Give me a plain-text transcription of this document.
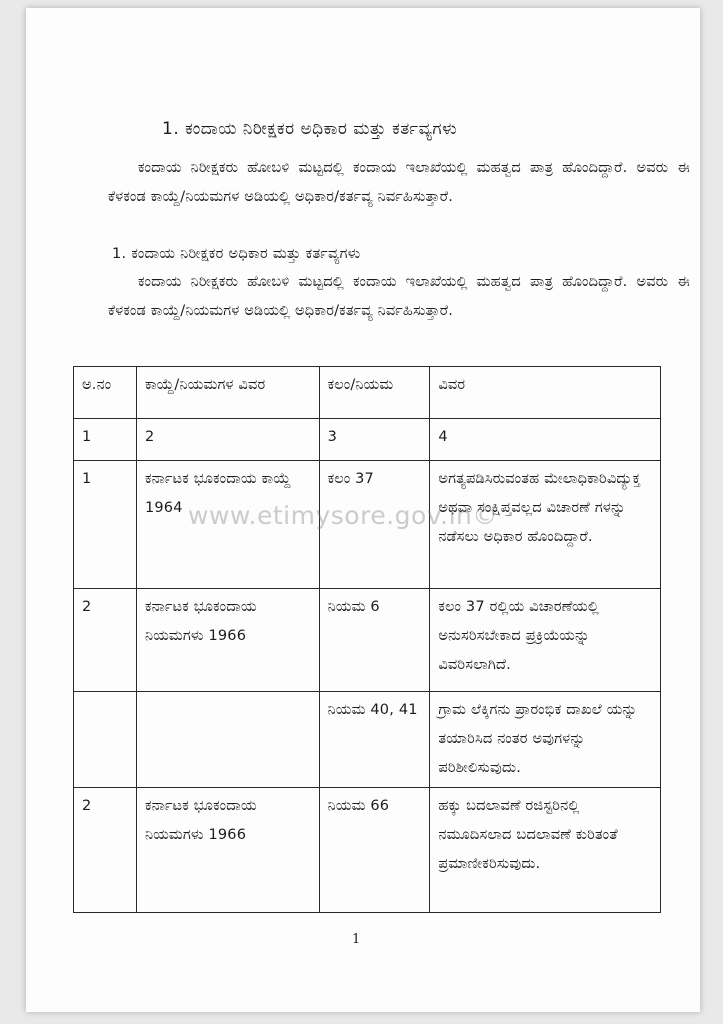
1. ಕಂದಾಯ ನಿರೀಕ್ಷಕರ ಅಧಿಕಾರ ಮತ್ತು ಕರ್ತವ್ಯಗಳು
ಕಂದಾಯ ನಿರೀಕ್ಷಕರು ಹೋಬಳಿ ಮಟ್ಟದಲ್ಲಿ ಕಂದಾಯ ಇಲಾಖೆಯಲ್ಲಿ ಮಹತ್ವದ ಪಾತ್ರ ಹೊಂದಿದ್ದಾರೆ. ಅವರು ಈ ಕೆಳಕಂಡ ಕಾಯ್ದೆ/ನಿಯಮಗಳ ಅಡಿಯಲ್ಲಿ ಅಧಿಕಾರ/ಕರ್ತವ್ಯ ನಿರ್ವಹಿಸುತ್ತಾರೆ.
1. ಕಂದಾಯ ನಿರೀಕ್ಷಕರ ಅಧಿಕಾರ ಮತ್ತು ಕರ್ತವ್ಯಗಳು
ಕಂದಾಯ ನಿರೀಕ್ಷಕರು ಹೋಬಳಿ ಮಟ್ಟದಲ್ಲಿ ಕಂದಾಯ ಇಲಾಖೆಯಲ್ಲಿ ಮಹತ್ವದ ಪಾತ್ರ ಹೊಂದಿದ್ದಾರೆ. ಅವರು ಈ ಕೆಳಕಂಡ ಕಾಯ್ದೆ/ನಿಯಮಗಳ ಅಡಿಯಲ್ಲಿ ಅಧಿಕಾರ/ಕರ್ತವ್ಯ ನಿರ್ವಹಿಸುತ್ತಾರೆ.
ಅ.ನಂ	ಕಾಯ್ದೆ/ನಿಯಮಗಳ ವಿವರ	ಕಲಂ/ನಿಯಮ	ವಿವರ
1	2	3	4
1	ಕರ್ನಾಟಕ ಭೂಕಂದಾಯ ಕಾಯ್ದೆ 1964	ಕಲಂ 37	ಅಗತ್ಯಪಡಿಸಿರುವಂತಹ ಮೇಲಾಧಿಕಾರಿವಿದ್ಯುಕ್ತ ಅಥವಾ ಸಂಕ್ಷಿಪ್ತವಲ್ಲದ ವಿಚಾರಣೆ ಗಳನ್ನು ನಡೆಸಲು ಅಧಿಕಾರ ಹೊಂದಿದ್ದಾರೆ.
2	ಕರ್ನಾಟಕ ಭೂಕಂದಾಯ ನಿಯಮಗಳು 1966	ನಿಯಮ 6	ಕಲಂ 37 ರಲ್ಲಿಯ ವಿಚಾರಣೆಯಲ್ಲಿ ಅನುಸರಿಸಬೇಕಾದ ಪ್ರಕ್ರಿಯೆಯನ್ನು ವಿವರಿಸಲಾಗಿದೆ.
		ನಿಯಮ 40, 41	ಗ್ರಾಮ ಲೆಕ್ಕಿಗನು ಪ್ರಾರಂಭಿಕ ದಾಖಲೆ ಯನ್ನು ತಯಾರಿಸಿದ ನಂತರ ಅವುಗಳನ್ನು ಪರಿಶೀಲಿಸುವುದು.
2	ಕರ್ನಾಟಕ ಭೂಕಂದಾಯ ನಿಯಮಗಳು 1966	ನಿಯಮ 66	ಹಕ್ಕು ಬದಲಾವಣೆ ರಜಿಸ್ಟರಿನಲ್ಲಿ ನಮೂದಿಸಲಾದ ಬದಲಾವಣೆ ಕುರಿತಂತೆ ಪ್ರಮಾಣೀಕರಿಸುವುದು.
www.etimysore.gov.in©
1
